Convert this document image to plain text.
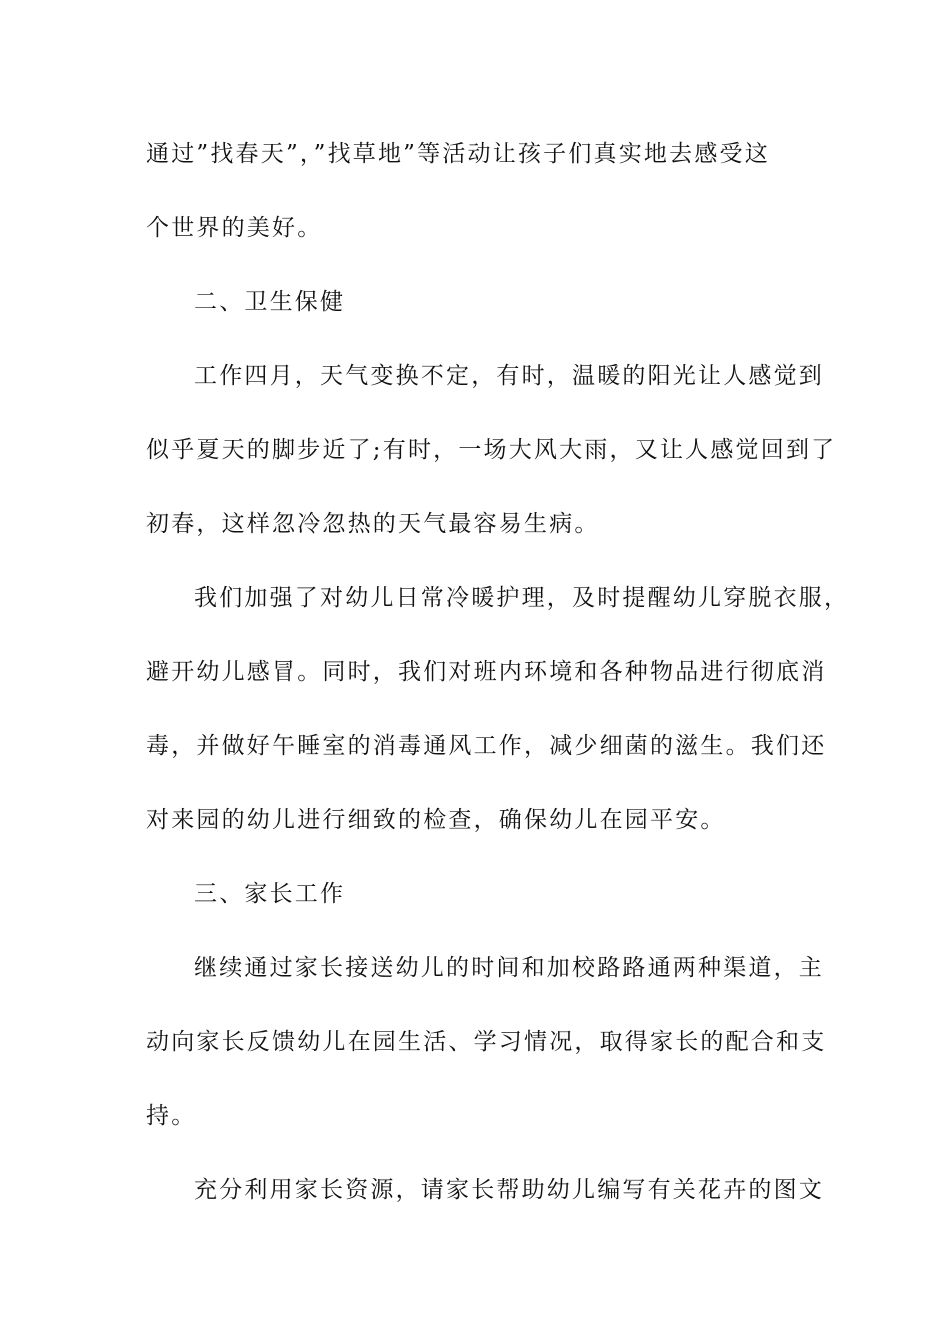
通过”找春天”，”找草地”等活动让孩子们真实地去感受这
个世界的美好。
二、卫生保健
工作四月，天气变换不定，有时，温暖的阳光让人感觉到
似乎夏天的脚步近了;有时，一场大风大雨，又让人感觉回到了
初春，这样忽冷忽热的天气最容易生病。
我们加强了对幼儿日常冷暖护理，及时提醒幼儿穿脱衣服，
避开幼儿感冒。同时，我们对班内环境和各种物品进行彻底消
毒，并做好午睡室的消毒通风工作，减少细菌的滋生。我们还
对来园的幼儿进行细致的检查，确保幼儿在园平安。
三、家长工作
继续通过家长接送幼儿的时间和加校路路通两种渠道，主
动向家长反馈幼儿在园生活、学习情况，取得家长的配合和支
持。
充分利用家长资源，请家长帮助幼儿编写有关花卉的图文
